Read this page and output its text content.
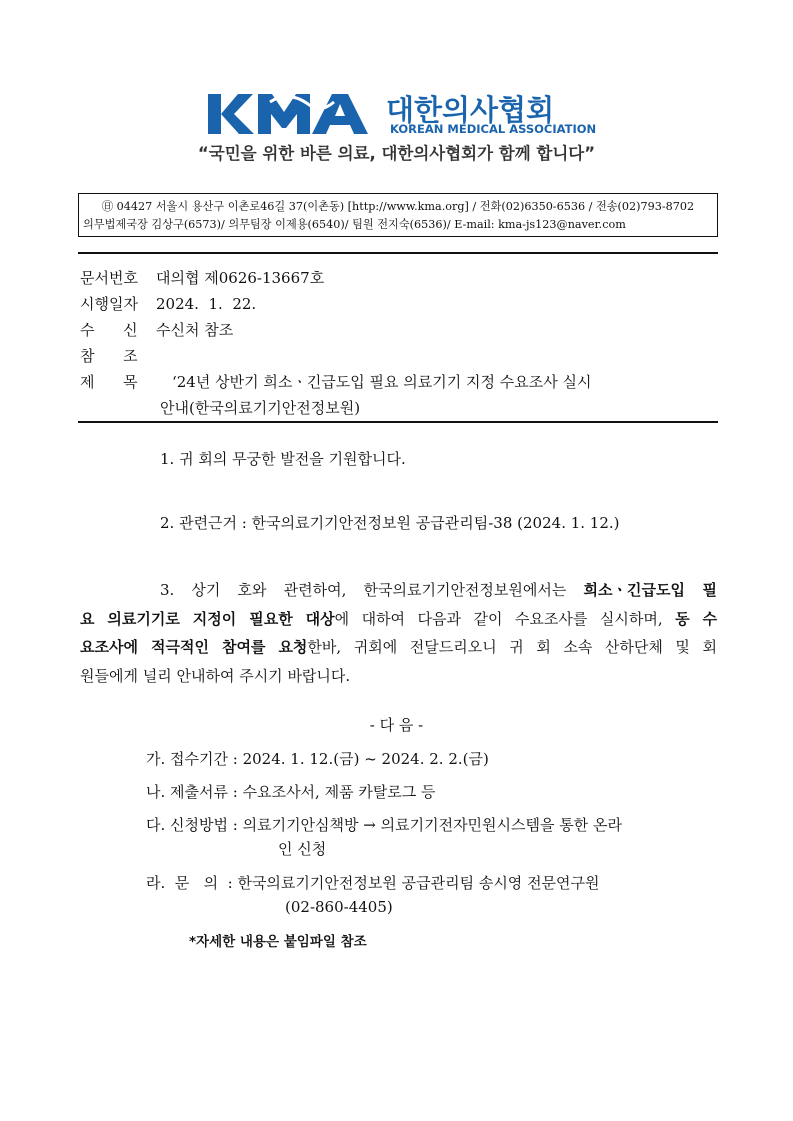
대한의사협회
KOREAN MEDICAL ASSOCIATION
“국민을 위한 바른 의료, 대한의사협회가 함께 합니다”
㊐ 04427 서울시 용산구 이촌로46길 37(이촌동) [http://www.kma.org] / 전화(02)6350-6536 / 전송(02)793-8702
의무법제국장 김상구(6573)/ 의무팀장 이제용(6540)/ 팀원 전지숙(6536)/ E-mail: kma-js123@naver.com
문서번호 대의협 제0626-13667호
시행일자 2024.  1.  22.
수      신 수신처 참조
참      조
제      목 ‘24년 상반기 희소ㆍ긴급도입 필요 의료기기 지정 수요조사 실시
안내(한국의료기기안전정보원)
1. 귀 회의 무궁한 발전을 기원합니다.
2. 관련근거 : 한국의료기기안전정보원 공급관리팀-38 (2024. 1. 12.)
3. 상기 호와 관련하여, 한국의료기기안전정보원에서는 희소ㆍ긴급도입 필
요 의료기기로 지정이 필요한 대상에 대하여 다음과 같이 수요조사를 실시하며, 동 수
요조사에 적극적인 참여를 요청한바, 귀회에 전달드리오니 귀 회 소속 산하단체 및 회
원들에게 널리 안내하여 주시기 바랍니다.
- 다 음 -
가. 접수기간 : 2024. 1. 12.(금) ~ 2024. 2. 2.(금)
나. 제출서류 : 수요조사서, 제품 카탈로그 등
다. 신청방법 : 의료기기안심책방 → 의료기기전자민원시스템을 통한 온라
인 신청
라.  문   의  : 한국의료기기안전정보원 공급관리팀 송시영 전문연구원
(02-860-4405)
*자세한 내용은 붙임파일 참조
